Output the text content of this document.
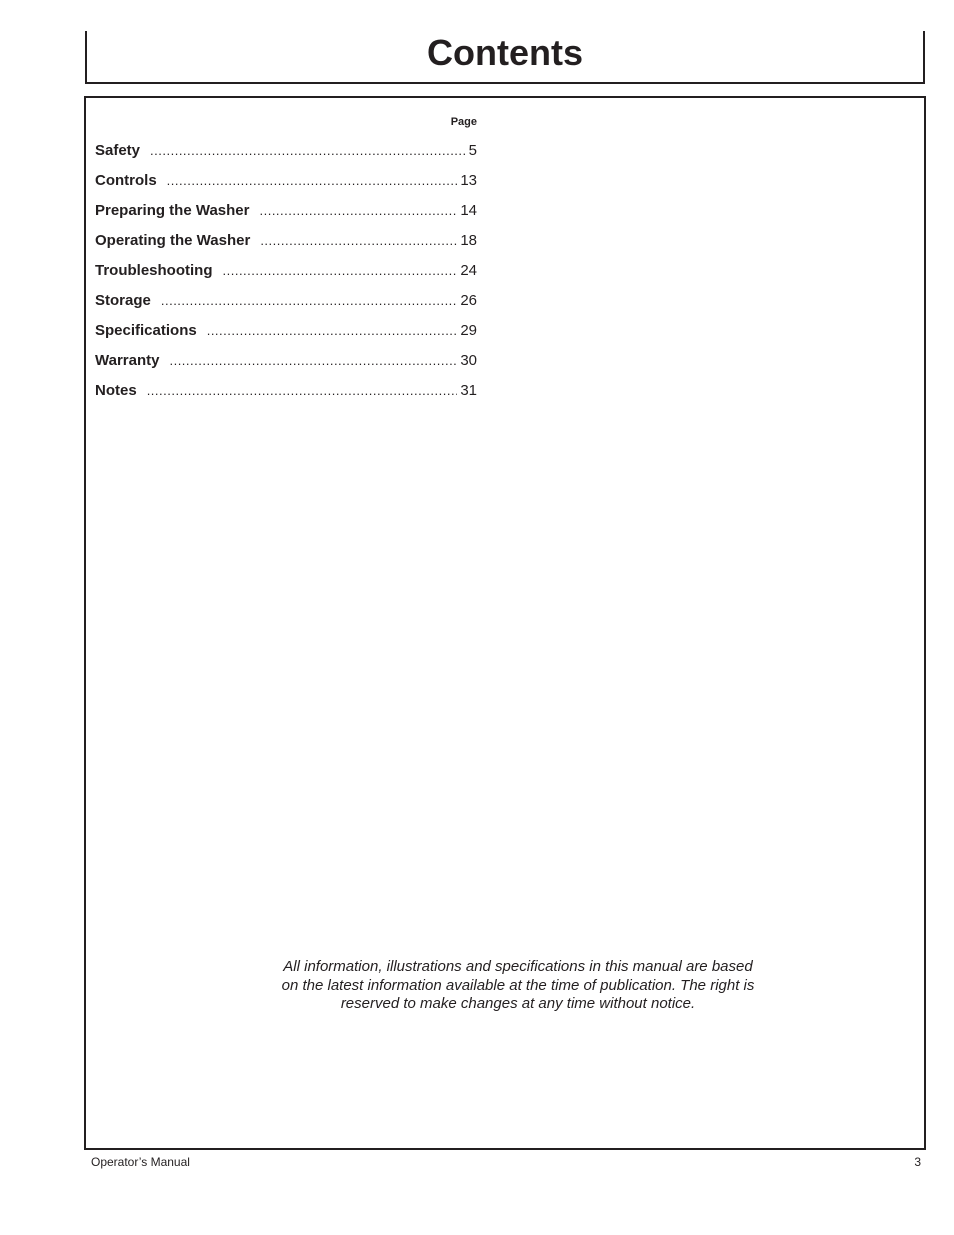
Contents
Page
Safety .....	5
Controls .....	13
Preparing the Washer .....	14
Operating the Washer .....	18
Troubleshooting .....	24
Storage .....	26
Specifications .....	29
Warranty .....	30
Notes .....	31

All information, illustrations and specifications in this manual are based
on the latest information available at the time of publication. The right is
reserved to make changes at any time without notice.

Operator’s Manual	3
